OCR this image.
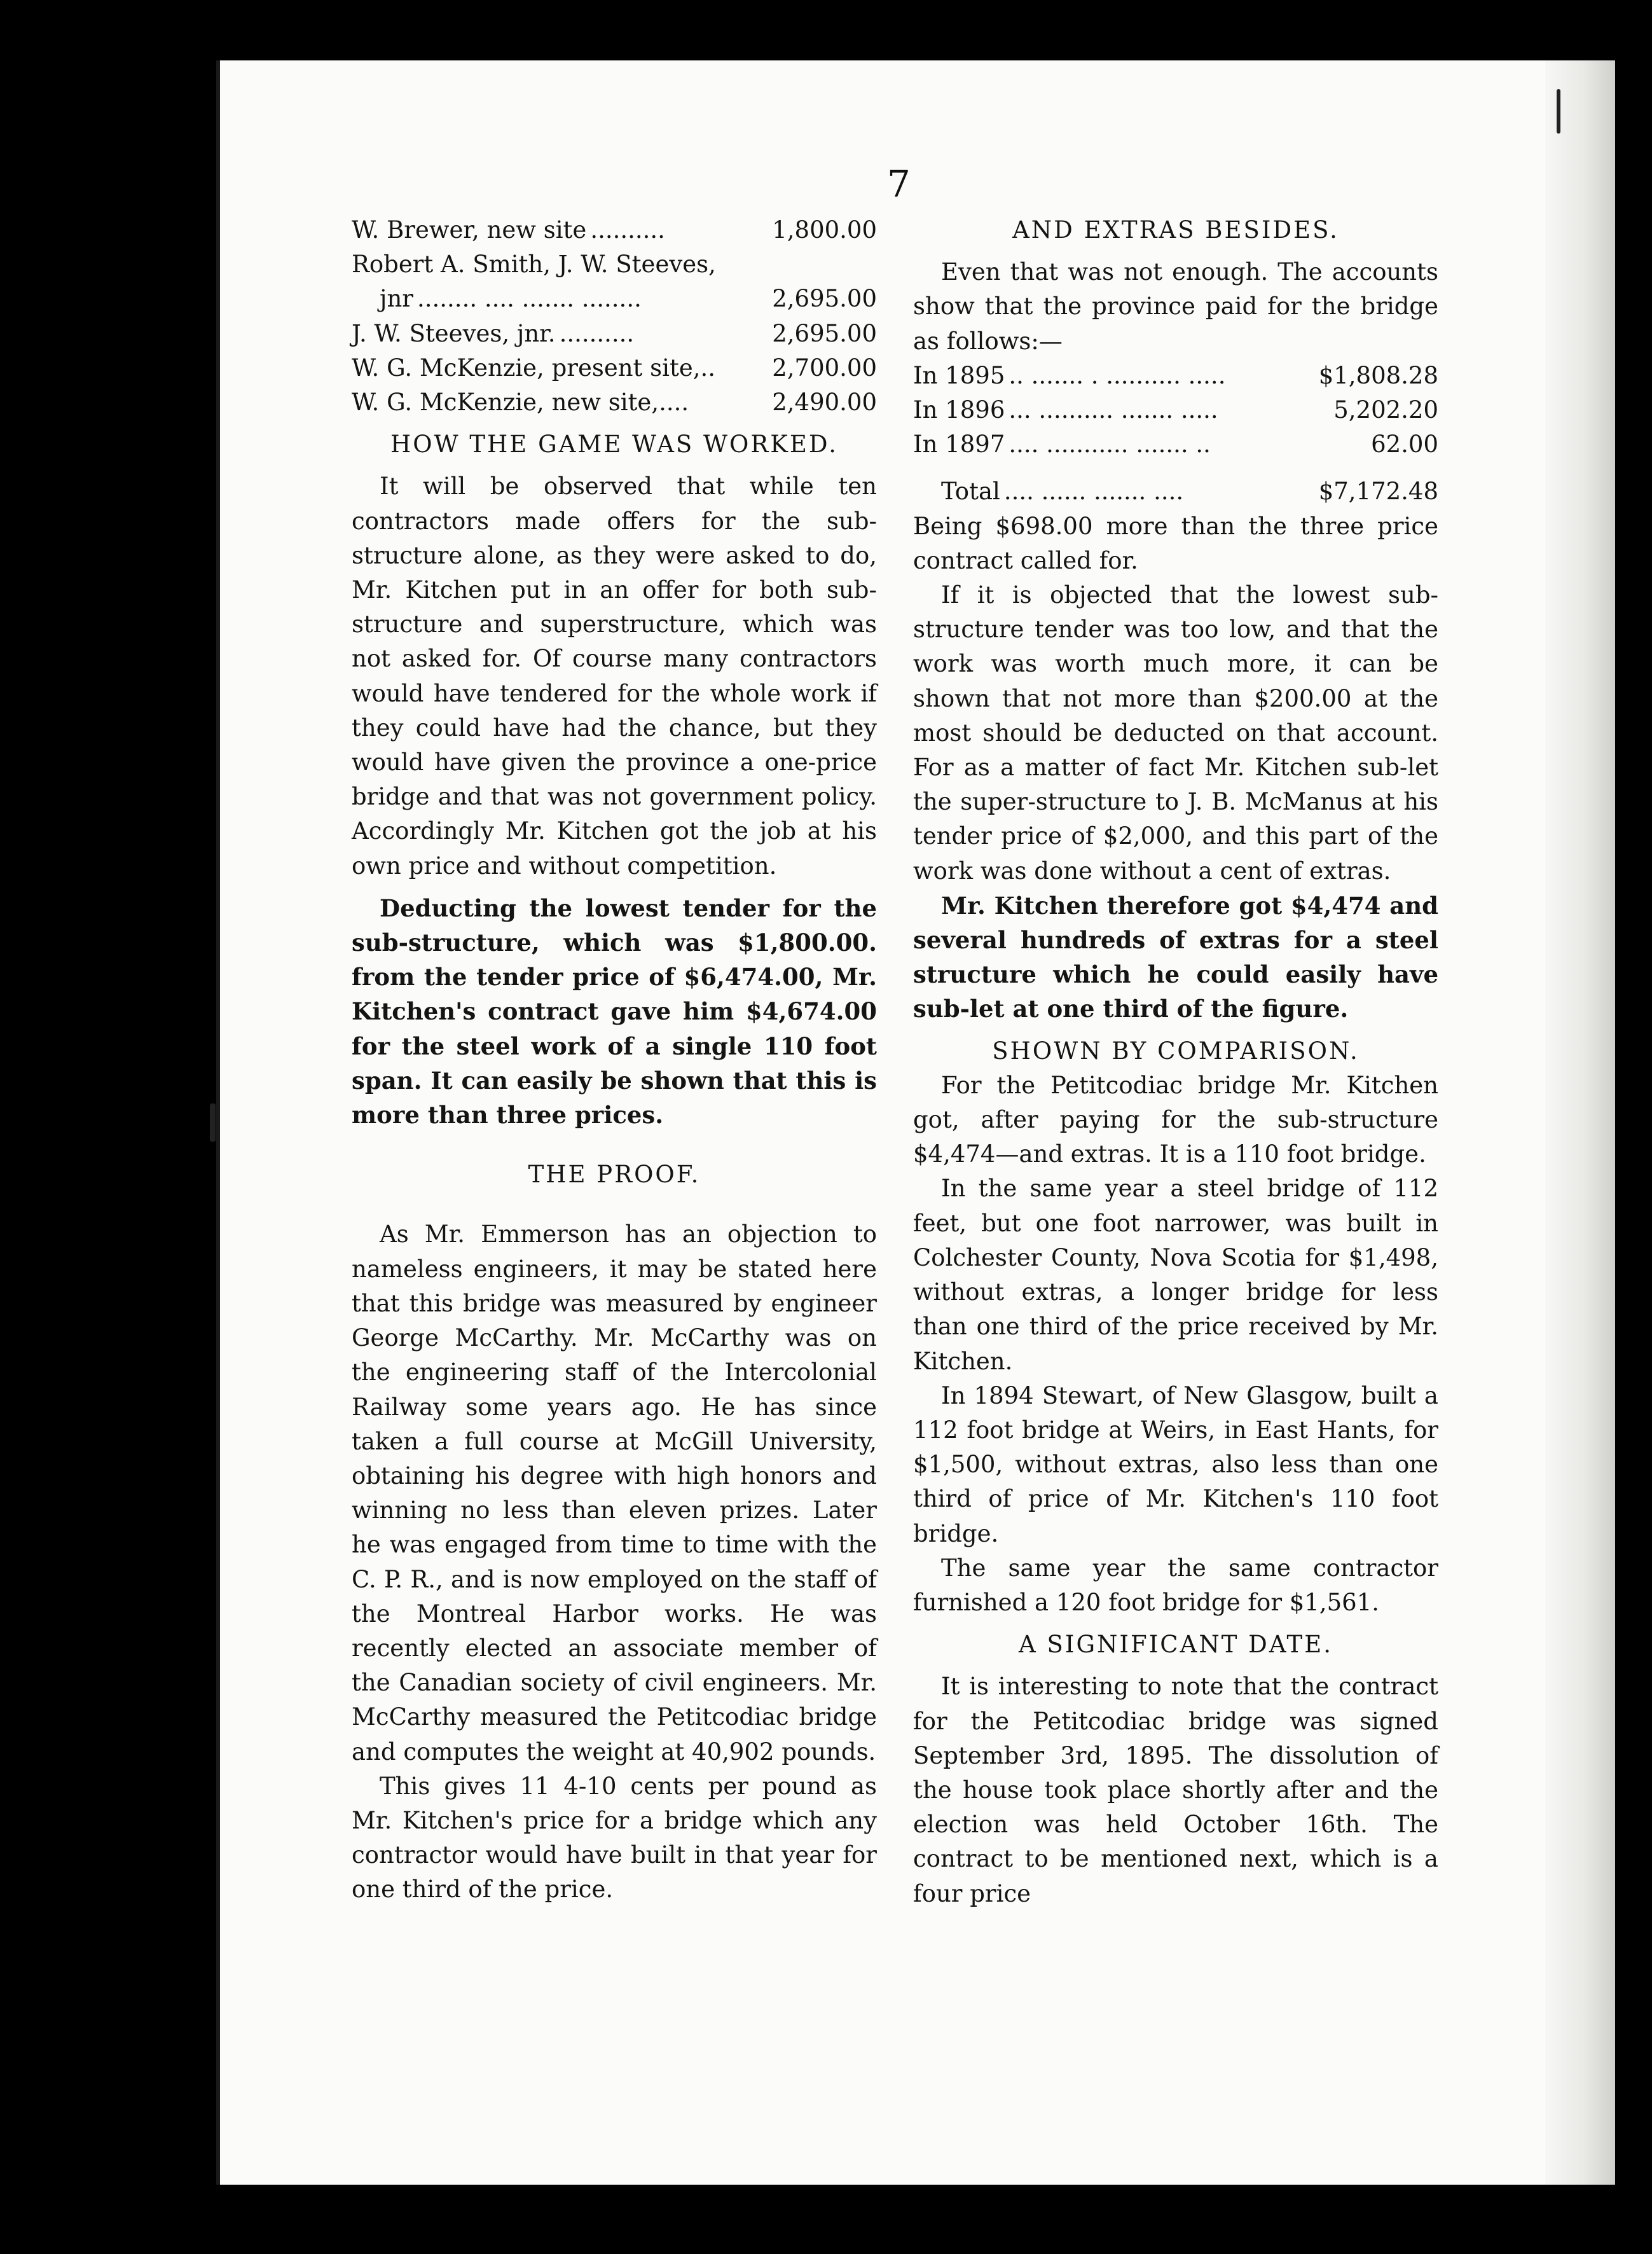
7
W. Brewer, new site ..........	1,800.00
Robert A. Smith, J. W. Steeves,
jnr ........ .... ....... ........	2,695.00
J. W. Steeves, jnr. ..........	2,695.00
W. G. McKenzie, present site,.. 2,700.00
W. G. McKenzie, new site,....	2,490.00
HOW THE GAME WAS WORKED.

It will be observed that while ten contractors made offers for the sub-structure alone, as they were asked to do, Mr. Kitchen put in an offer for both sub-structure and superstructure, which was not asked for. Of course many contractors would have tendered for the whole work if they could have had the chance, but they would have given the province a one-price bridge and that was not government policy. Accordingly Mr. Kitchen got the job at his own price and without competition.

Deducting the lowest tender for the sub-structure, which was $1,800.00. from the tender price of $6,474.00, Mr. Kitchen's contract gave him $4,674.00 for the steel work of a single 110 foot span. It can easily be shown that this is more than three prices.

THE PROOF.

As Mr. Emmerson has an objection to nameless engineers, it may be stated here that this bridge was measured by engineer George McCarthy. Mr. McCarthy was on the engineering staff of the Intercolonial Railway some years ago. He has since taken a full course at McGill University, obtaining his degree with high honors and winning no less than eleven prizes. Later he was engaged from time to time with the C. P. R., and is now employed on the staff of the Montreal Harbor works. He was recently elected an associate member of the Canadian society of civil engineers. Mr. McCarthy measured the Petitcodiac bridge and computes the weight at 40,902 pounds.

This gives 11 4-10 cents per pound as Mr. Kitchen's price for a bridge which any contractor would have built in that year for one third of the price.

AND EXTRAS BESIDES.

Even that was not enough. The accounts show that the province paid for the bridge as follows:—

In 1895 .. ....... . .......... .....	$1,808.28
In 1896 ... .......... ....... .....	5,202.20
In 1897 .... ........... ....... ..	62.00
Total .... ...... ....... ....	$7,172.48

Being $698.00 more than the three price contract called for.

If it is objected that the lowest sub-structure tender was too low, and that the work was worth much more, it can be shown that not more than $200.00 at the most should be deducted on that account. For as a matter of fact Mr. Kitchen sub-let the super-structure to J. B. McManus at his tender price of $2,000, and this part of the work was done without a cent of extras.

Mr. Kitchen therefore got $4,474 and several hundreds of extras for a steel structure which he could easily have sub-let at one third of the figure.

SHOWN BY COMPARISON.

For the Petitcodiac bridge Mr. Kitchen got, after paying for the sub-structure $4,474—and extras. It is a 110 foot bridge.

In the same year a steel bridge of 112 feet, but one foot narrower, was built in Colchester County, Nova Scotia for $1,498, without extras, a longer bridge for less than one third of the price received by Mr. Kitchen.

In 1894 Stewart, of New Glasgow, built a 112 foot bridge at Weirs, in East Hants, for $1,500, without extras, also less than one third of price of Mr. Kitchen's 110 foot bridge.

The same year the same contractor furnished a 120 foot bridge for $1,561.

A SIGNIFICANT DATE.

It is interesting to note that the contract for the Petitcodiac bridge was signed September 3rd, 1895. The dissolution of the house took place shortly after and the election was held October 16th. The contract to be mentioned next, which is a four price
